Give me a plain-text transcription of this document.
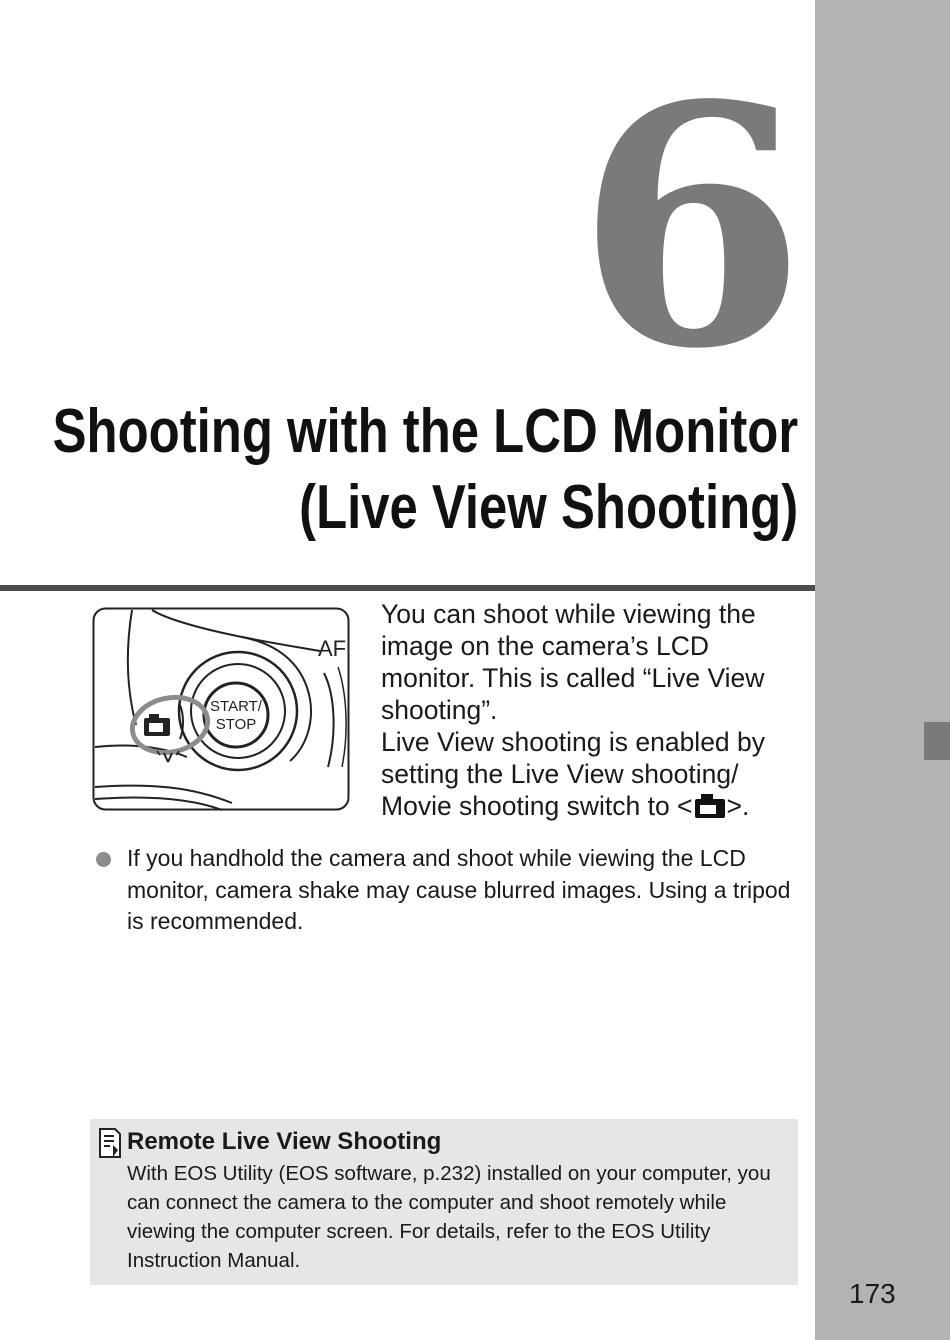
6
Shooting with the LCD Monitor
(Live View Shooting)
START/
STOP
AF

You can shoot while viewing the image on the camera’s LCD monitor. This is called “Live View shooting”.

Live View shooting is enabled by setting the Live View shooting/ Movie shooting switch to < >.

If you handhold the camera and shoot while viewing the LCD monitor, camera shake may cause blurred images. Using a tripod is recommended.
Remote Live View Shooting
With EOS Utility (EOS software, p.232) installed on your computer, you can connect the camera to the computer and shoot remotely while viewing the computer screen. For details, refer to the EOS Utility Instruction Manual.
173
